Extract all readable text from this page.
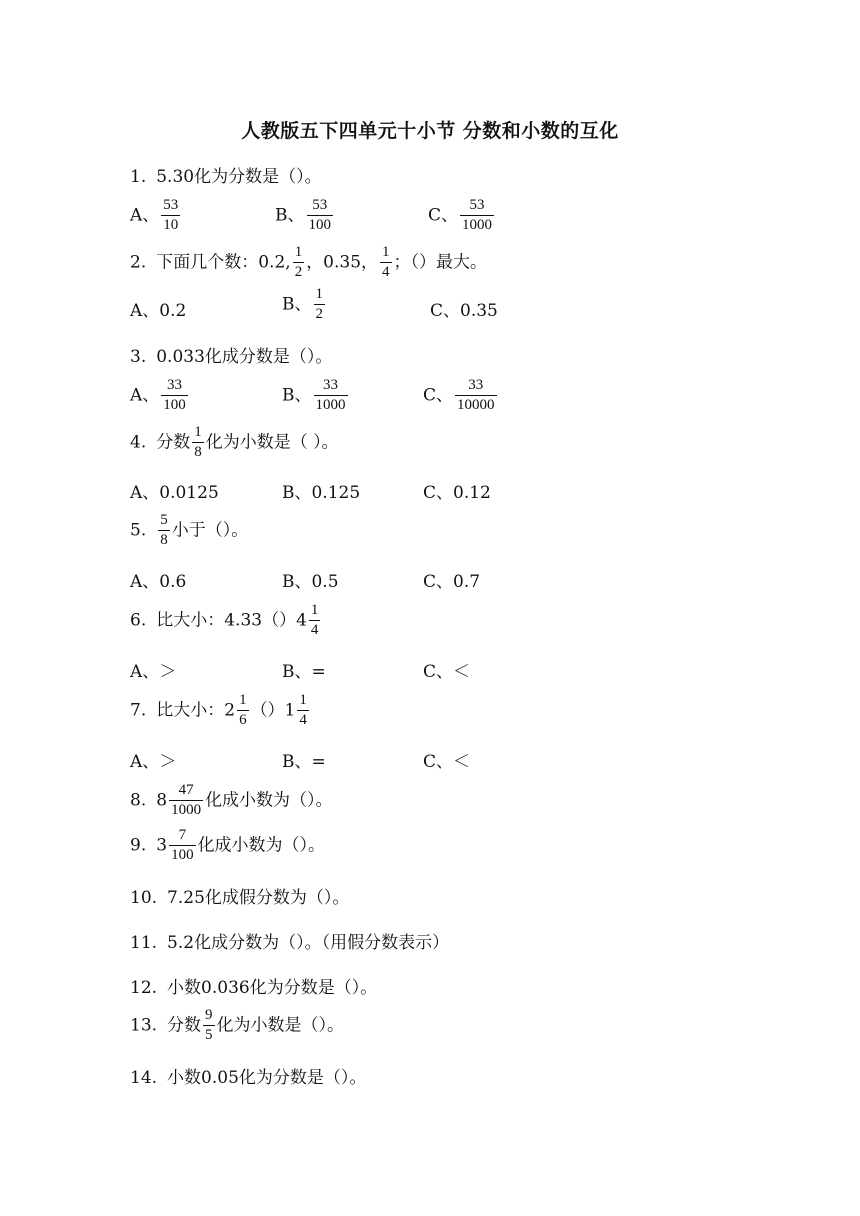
人教版五下四单元十小节 分数和小数的互化
1. 5.30化为分数是（）。
A、 $\frac{53}{10}$	B、 $\frac{53}{100}$	C、 $\frac{53}{1000}$
2. 下面几个数：0.2, $\frac{1}{2}$ ，0.35， $\frac{1}{4}$ ；（）最大。
A、0.2	B、 $\frac{1}{2}$	C、0.35
3. 0.033化成分数是（）。
A、 $\frac{33}{100}$	B、 $\frac{33}{1000}$	C、 $\frac{33}{10000}$
4. 分数 $\frac{1}{8}$ 化为小数是（ ）。
A、0.0125	B、0.125	C、0.12
5. $\frac{5}{8}$ 小于（）。
A、0.6	B、0.5	C、0.7
6. 比大小：$4.33()4 \frac{1}{4}$
A、＞	B、=	C、＜
7. 比大小：$2 \frac{1}{6} ()1 \frac{1}{4}$
A、＞	B、=	C、＜
8. $8 \frac{47}{1000}$ 化成小数为（）。
9. $3 \frac{7}{100}$ 化成小数为（）。
10. 7.25化成假分数为（）。
11. 5.2化成分数为（）。（用假分数表示）
12. 小数0.036化为分数是（）。
13. 分数 $\frac{9}{5}$ 化为小数是（）。
14. 小数0.05化为分数是（）。
